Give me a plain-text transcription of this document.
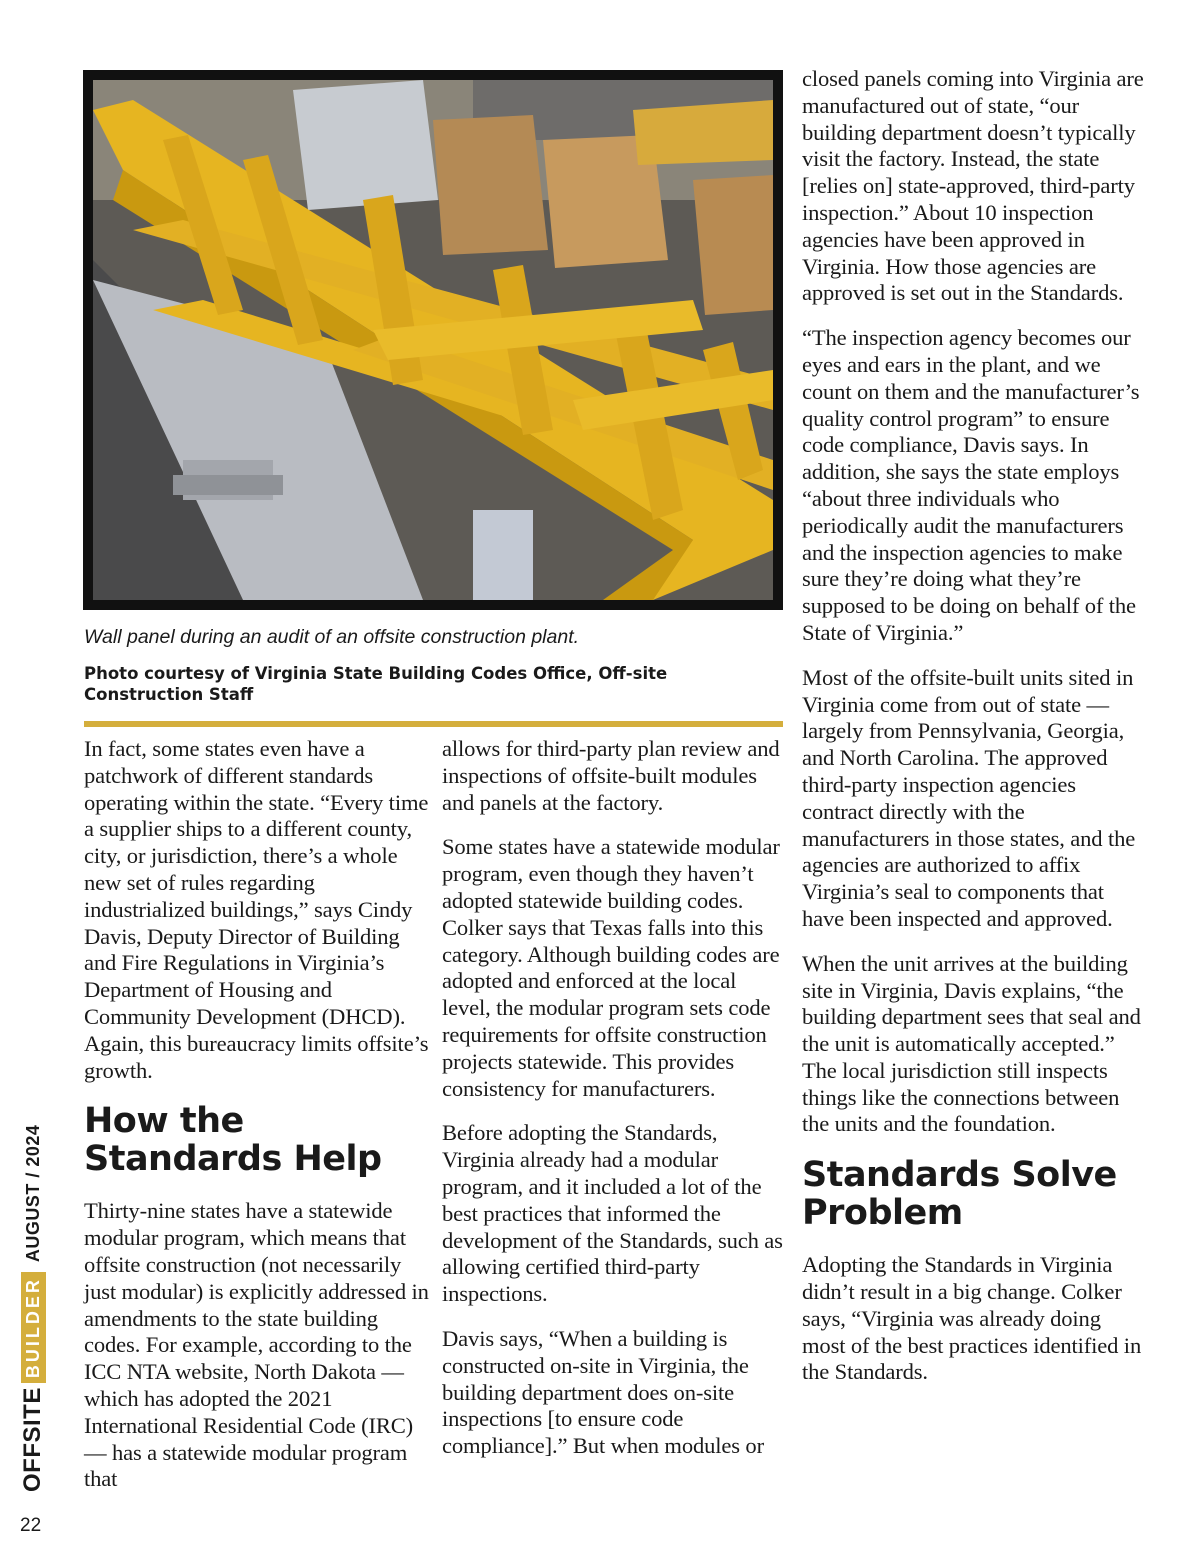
Wall panel during an audit of an offsite construction plant.
Photo courtesy of Virginia State Building Codes Office, Off-site Construction Staff

In fact, some states even have a patchwork of different standards operating within the state. “Every time a supplier ships to a different county, city, or jurisdiction, there’s a whole new set of rules regarding industrialized buildings,” says Cindy Davis, Deputy Director of Building and Fire Regulations in Virginia’s Department of Housing and Community Development (DHCD). Again, this bureaucracy limits offsite’s growth.

How the Standards Help

Thirty-nine states have a statewide modular program, which means that offsite construction (not necessarily just modular) is explicitly addressed in amendments to the state building codes. For example, according to the ICC NTA website, North Dakota — which has adopted the 2021 International Residential Code (IRC) — has a statewide modular program that

allows for third-party plan review and inspections of offsite-built modules and panels at the factory.

Some states have a statewide modular program, even though they haven’t adopted statewide building codes. Colker says that Texas falls into this category. Although building codes are adopted and enforced at the local level, the modular program sets code requirements for offsite construction projects statewide. This provides consistency for manufacturers.

Before adopting the Standards, Virginia already had a modular program, and it included a lot of the best practices that informed the development of the Standards, such as allowing certified third-party inspections.

Davis says, “When a building is constructed on-site in Virginia, the building department does on-site inspections [to ensure code compliance].” But when modules or

closed panels coming into Virginia are manufactured out of state, “our building department doesn’t typically visit the factory. Instead, the state [relies on] state-approved, third-party inspection.” About 10 inspection agencies have been approved in Virginia. How those agencies are approved is set out in the Standards.

“The inspection agency becomes our eyes and ears in the plant, and we count on them and the manufacturer’s quality control program” to ensure code compliance, Davis says. In addition, she says the state employs “about three individuals who periodically audit the manufacturers and the inspection agencies to make sure they’re doing what they’re supposed to be doing on behalf of the State of Virginia.”

Most of the offsite-built units sited in Virginia come from out of state —largely from Pennsylvania, Georgia, and North Carolina. The approved third-party inspection agencies contract directly with the manufacturers in those states, and the agencies are authorized to affix Virginia’s seal to components that have been inspected and approved.

When the unit arrives at the building site in Virginia, Davis explains, “the building department sees that seal and the unit is automatically accepted.” The local jurisdiction still inspects things like the connections between the units and the foundation.

Standards Solve Problem

Adopting the Standards in Virginia didn’t result in a big change. Colker says, “Virginia was already doing most of the best practices identified in the Standards.

OFFSITE
BUILDER
AUGUST / 2024
22
